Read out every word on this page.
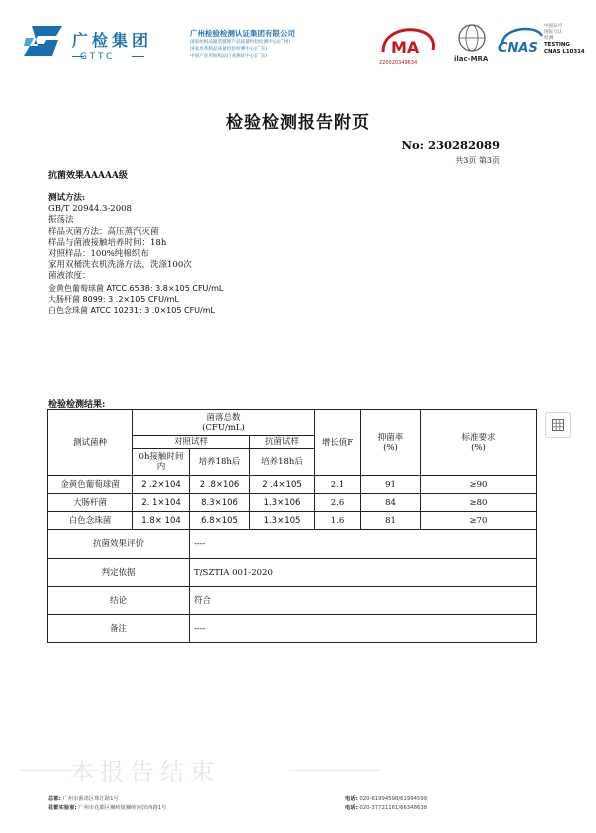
广检集团
GTTC
广州检验检测认证集团有限公司
国家纺织品服装服饰产品质量检验检测中心(广州)
国家皮革制品质量检验检测中心(广东)
中国产业用纺织品行业测试中心(广东)	MA
220020349634	ilac-MRA
CNAS
中国认可
国际互认
检测
TESTING
CNAS L10314
检验检测报告附页
No: 230282089
共3页 第3页
抗菌效果AAAAA级
测试方法:
GB/T 20944.3-2008
振荡法
样品灭菌方法：高压蒸汽灭菌
样品与菌液接触培养时间：18h
对照样品：100%纯棉织布
家用双桶洗衣机洗涤方法，洗涤100次
菌液浓度：
金黄色葡萄球菌 ATCC 6538: 3.8×105 CFU/mL
大肠杆菌 8099: 3 .2×105 CFU/mL
白色念珠菌 ATCC 10231: 3 .0×105 CFU/mL
检验检测结果:
测试菌种	菌落总数
(CFU/mL)			增长值F	抑菌率
(%)	标准要求
(%)
	对照试样		抗菌试样			
	0h接触时间内	培养18h后	培养18h后			
金黄色葡萄球菌	2 .2×104	2 .8×106	2 .4×105	2.1	91	≥90
大肠杆菌	2. 1×104	8.3×106	1.3×106	2.6	84	≥80
白色念珠菌	1.8× 104	6.8×105	1.3×105	1.6	81	≥70
抗菌效果评价		----				
判定依据		T/SZTIA 001-2020				
结论		符合				
备注		----				
本报告结束
总部: 广州市番禺区珠江路1号
花都实验室: 广州市花都区狮岭镇狮岭河滨西路1号
电话: 020-61994598/61994599
电话: 020-37721161/66348638
